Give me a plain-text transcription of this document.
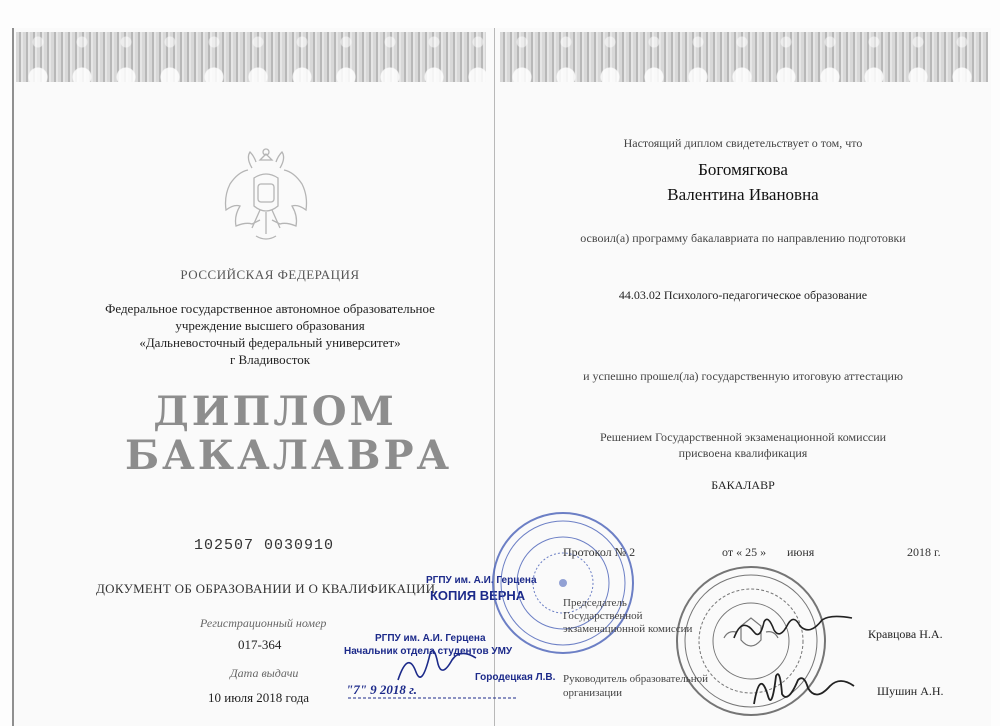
РОССИЙСКАЯ ФЕДЕРАЦИЯ
Федеральное государственное автономное образовательное
учреждение высшего образования
«Дальневосточный федеральный университет»
г Владивосток
ДИПЛОМ
БАКАЛАВРА
102507 0030910
ДОКУМЕНТ ОБ ОБРАЗОВАНИИ И О КВАЛИФИКАЦИИ
Регистрационный номер
017-364
Дата выдачи
10 июля 2018 года
РГПУ им. А.И. Герцена
КОПИЯ ВЕРНА
РГПУ им. А.И. Герцена
Начальник отдела студентов УМУ
Городецкая Л.В.
"7" 9 2018 г.
Настоящий диплом свидетельствует о том, что
Богомягкова
Валентина Ивановна
освоил(а) программу бакалавриата по направлению подготовки
44.03.02 Психолого-педагогическое образование
и успешно прошел(ла) государственную итоговую аттестацию
Решением Государственной экзаменационной комиссии
присвоена квалификация
БАКАЛАВР
Протокол № 2	от « 25 » июня	2018 г.
Председатель
Государственной
экзаменационной комиссии	Кравцова Н.А.
Руководитель образовательной
организации	Шушин А.Н.
